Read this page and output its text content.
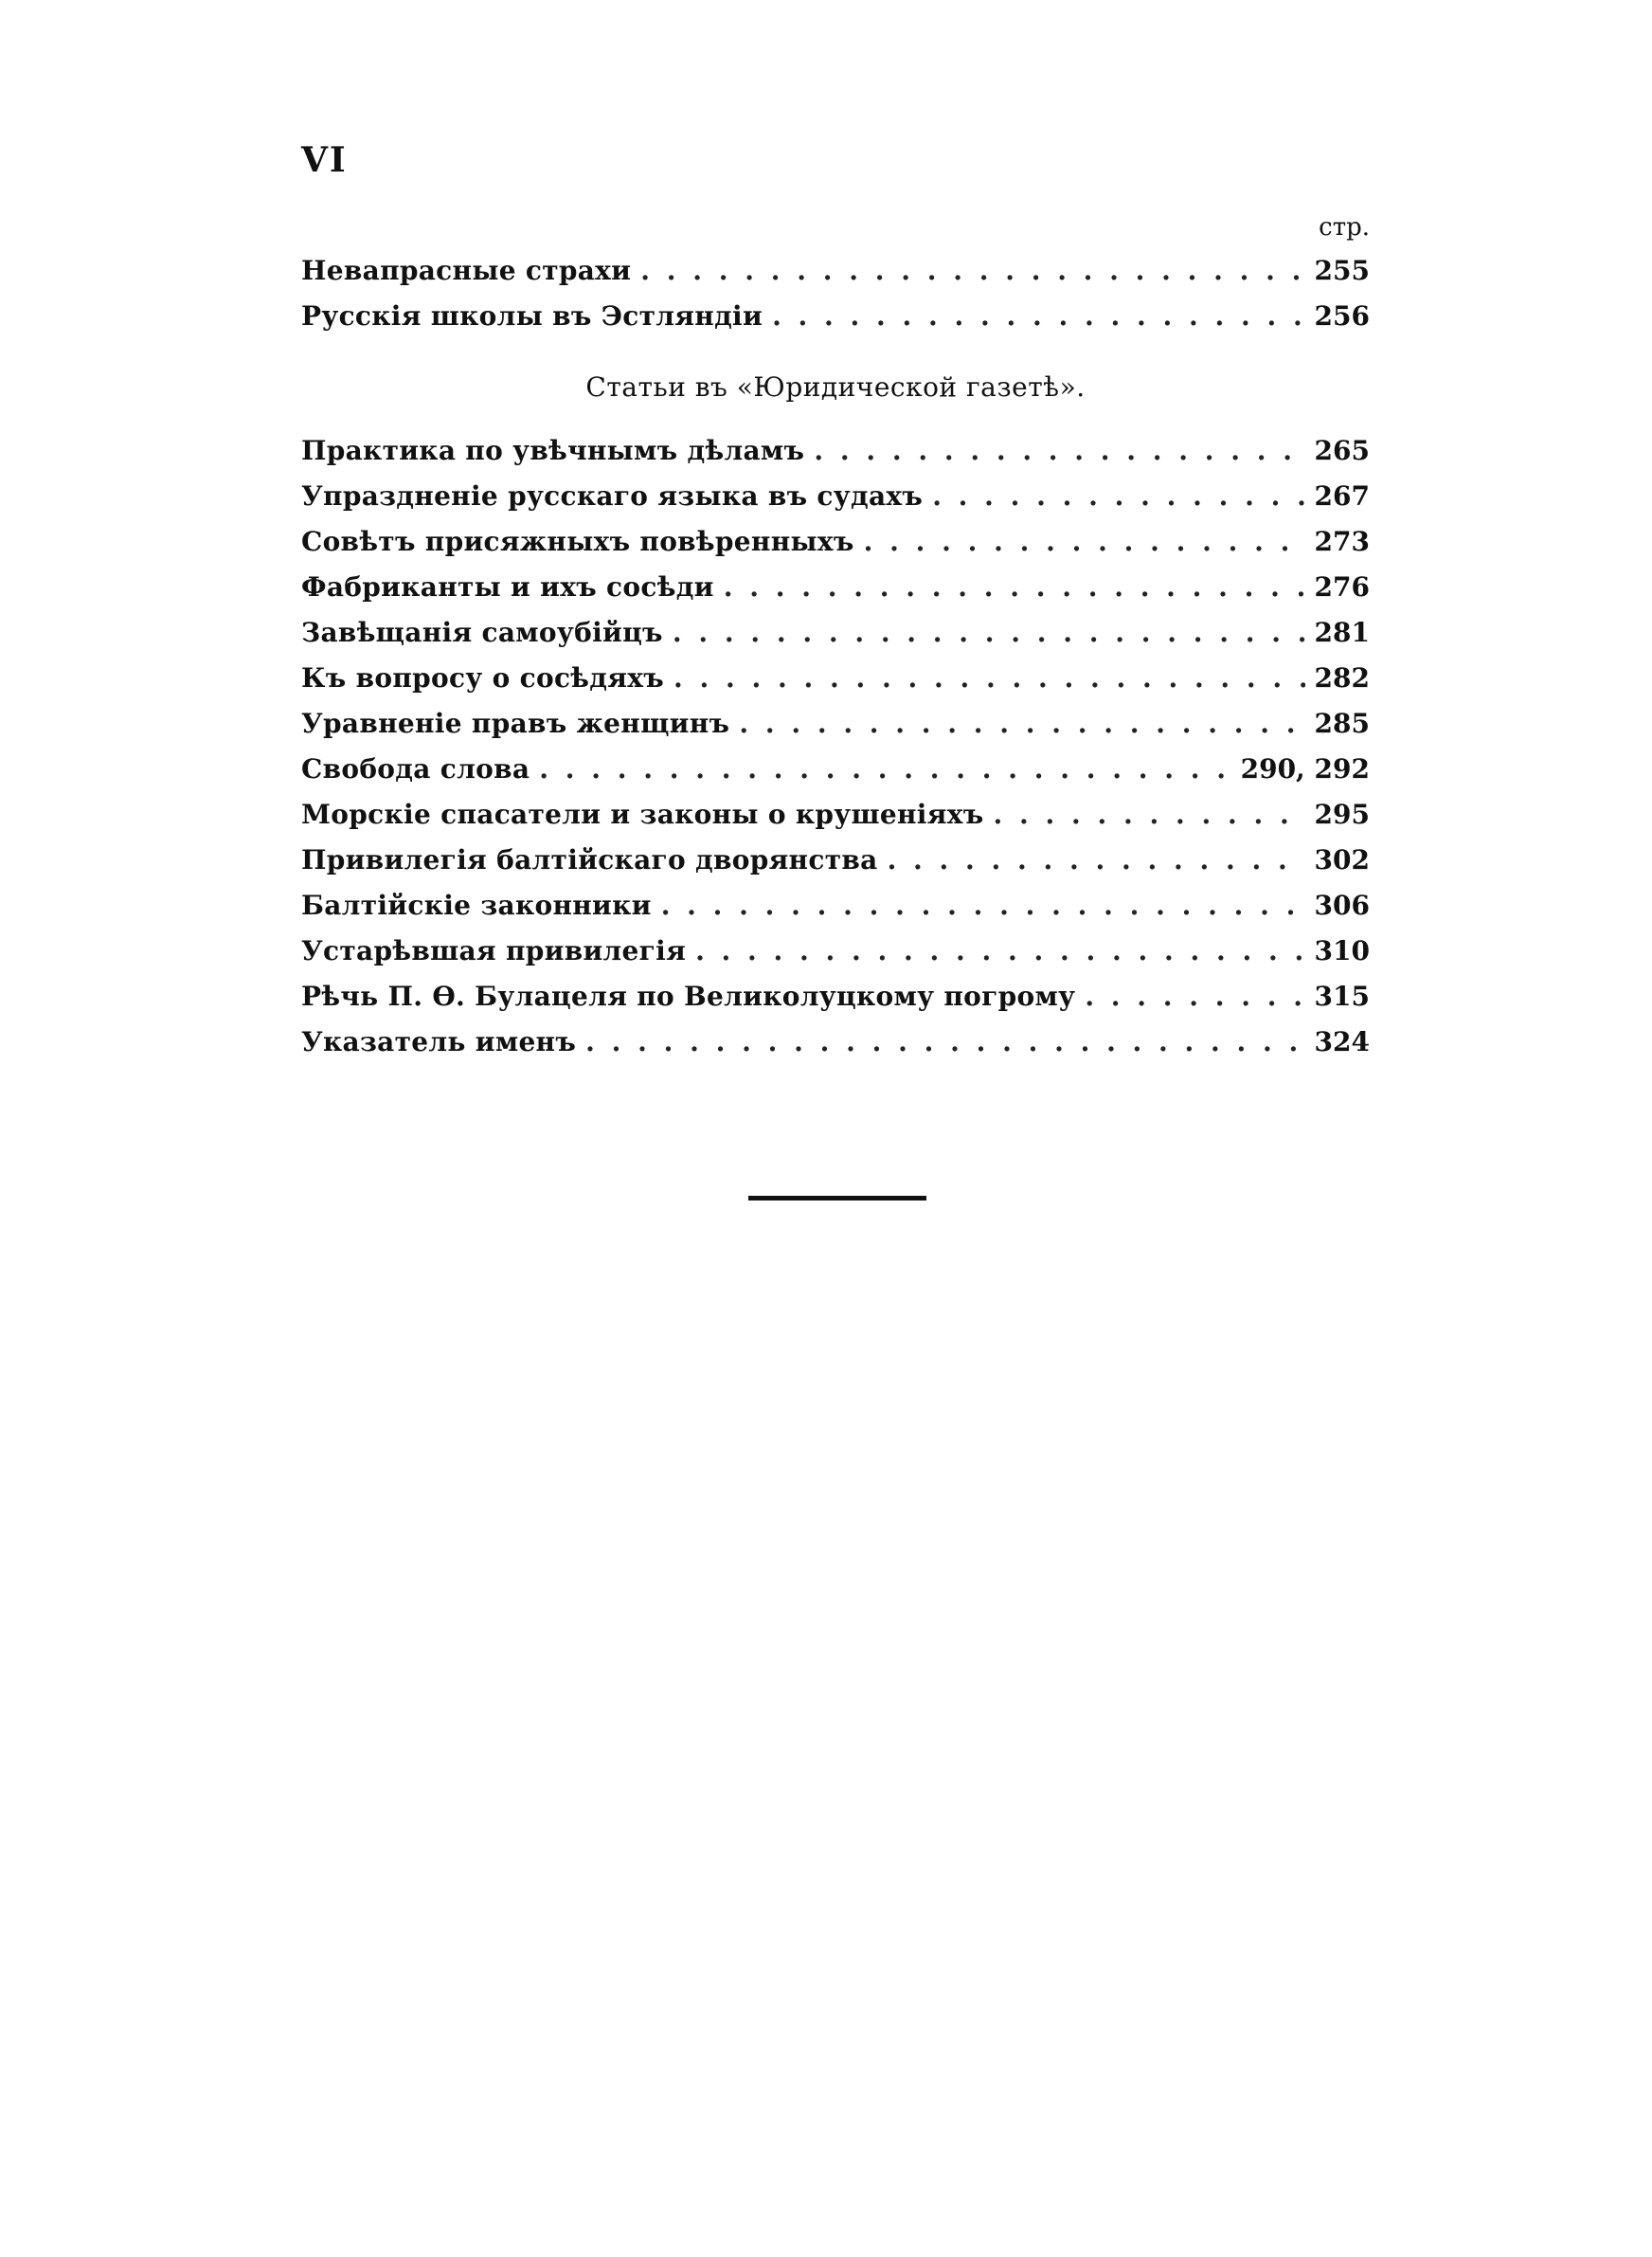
VI
стр.
Невапрасные страхи . . .	255
Русскія школы въ Эстляндіи . . .	256
Статьи въ «Юридической газетѣ».
Практика по увѣчнымъ дѣламъ . . .	265
Упраздненіе русскаго языка въ судахъ . . .	267
Совѣтъ присяжныхъ повѣренныхъ . . .	273
Фабриканты и ихъ сосѣди . . .	276
Завѣщанія самоубійцъ . . .	281
Къ вопросу о сосѣдяхъ . . .	282
Уравненіе правъ женщинъ . . .	285
Свобода слова . . .	290, 292
Морскіе спасатели и законы о крушеніяхъ . . .	295
Привилегія балтійскаго дворянства . . .	302
Балтійскіе законники . . .	306
Устарѣвшая привилегія . . .	310
Рѣчь П. Ѳ. Булацеля по Великолуцкому погрому . . .	315
Указатель именъ . . .	324
